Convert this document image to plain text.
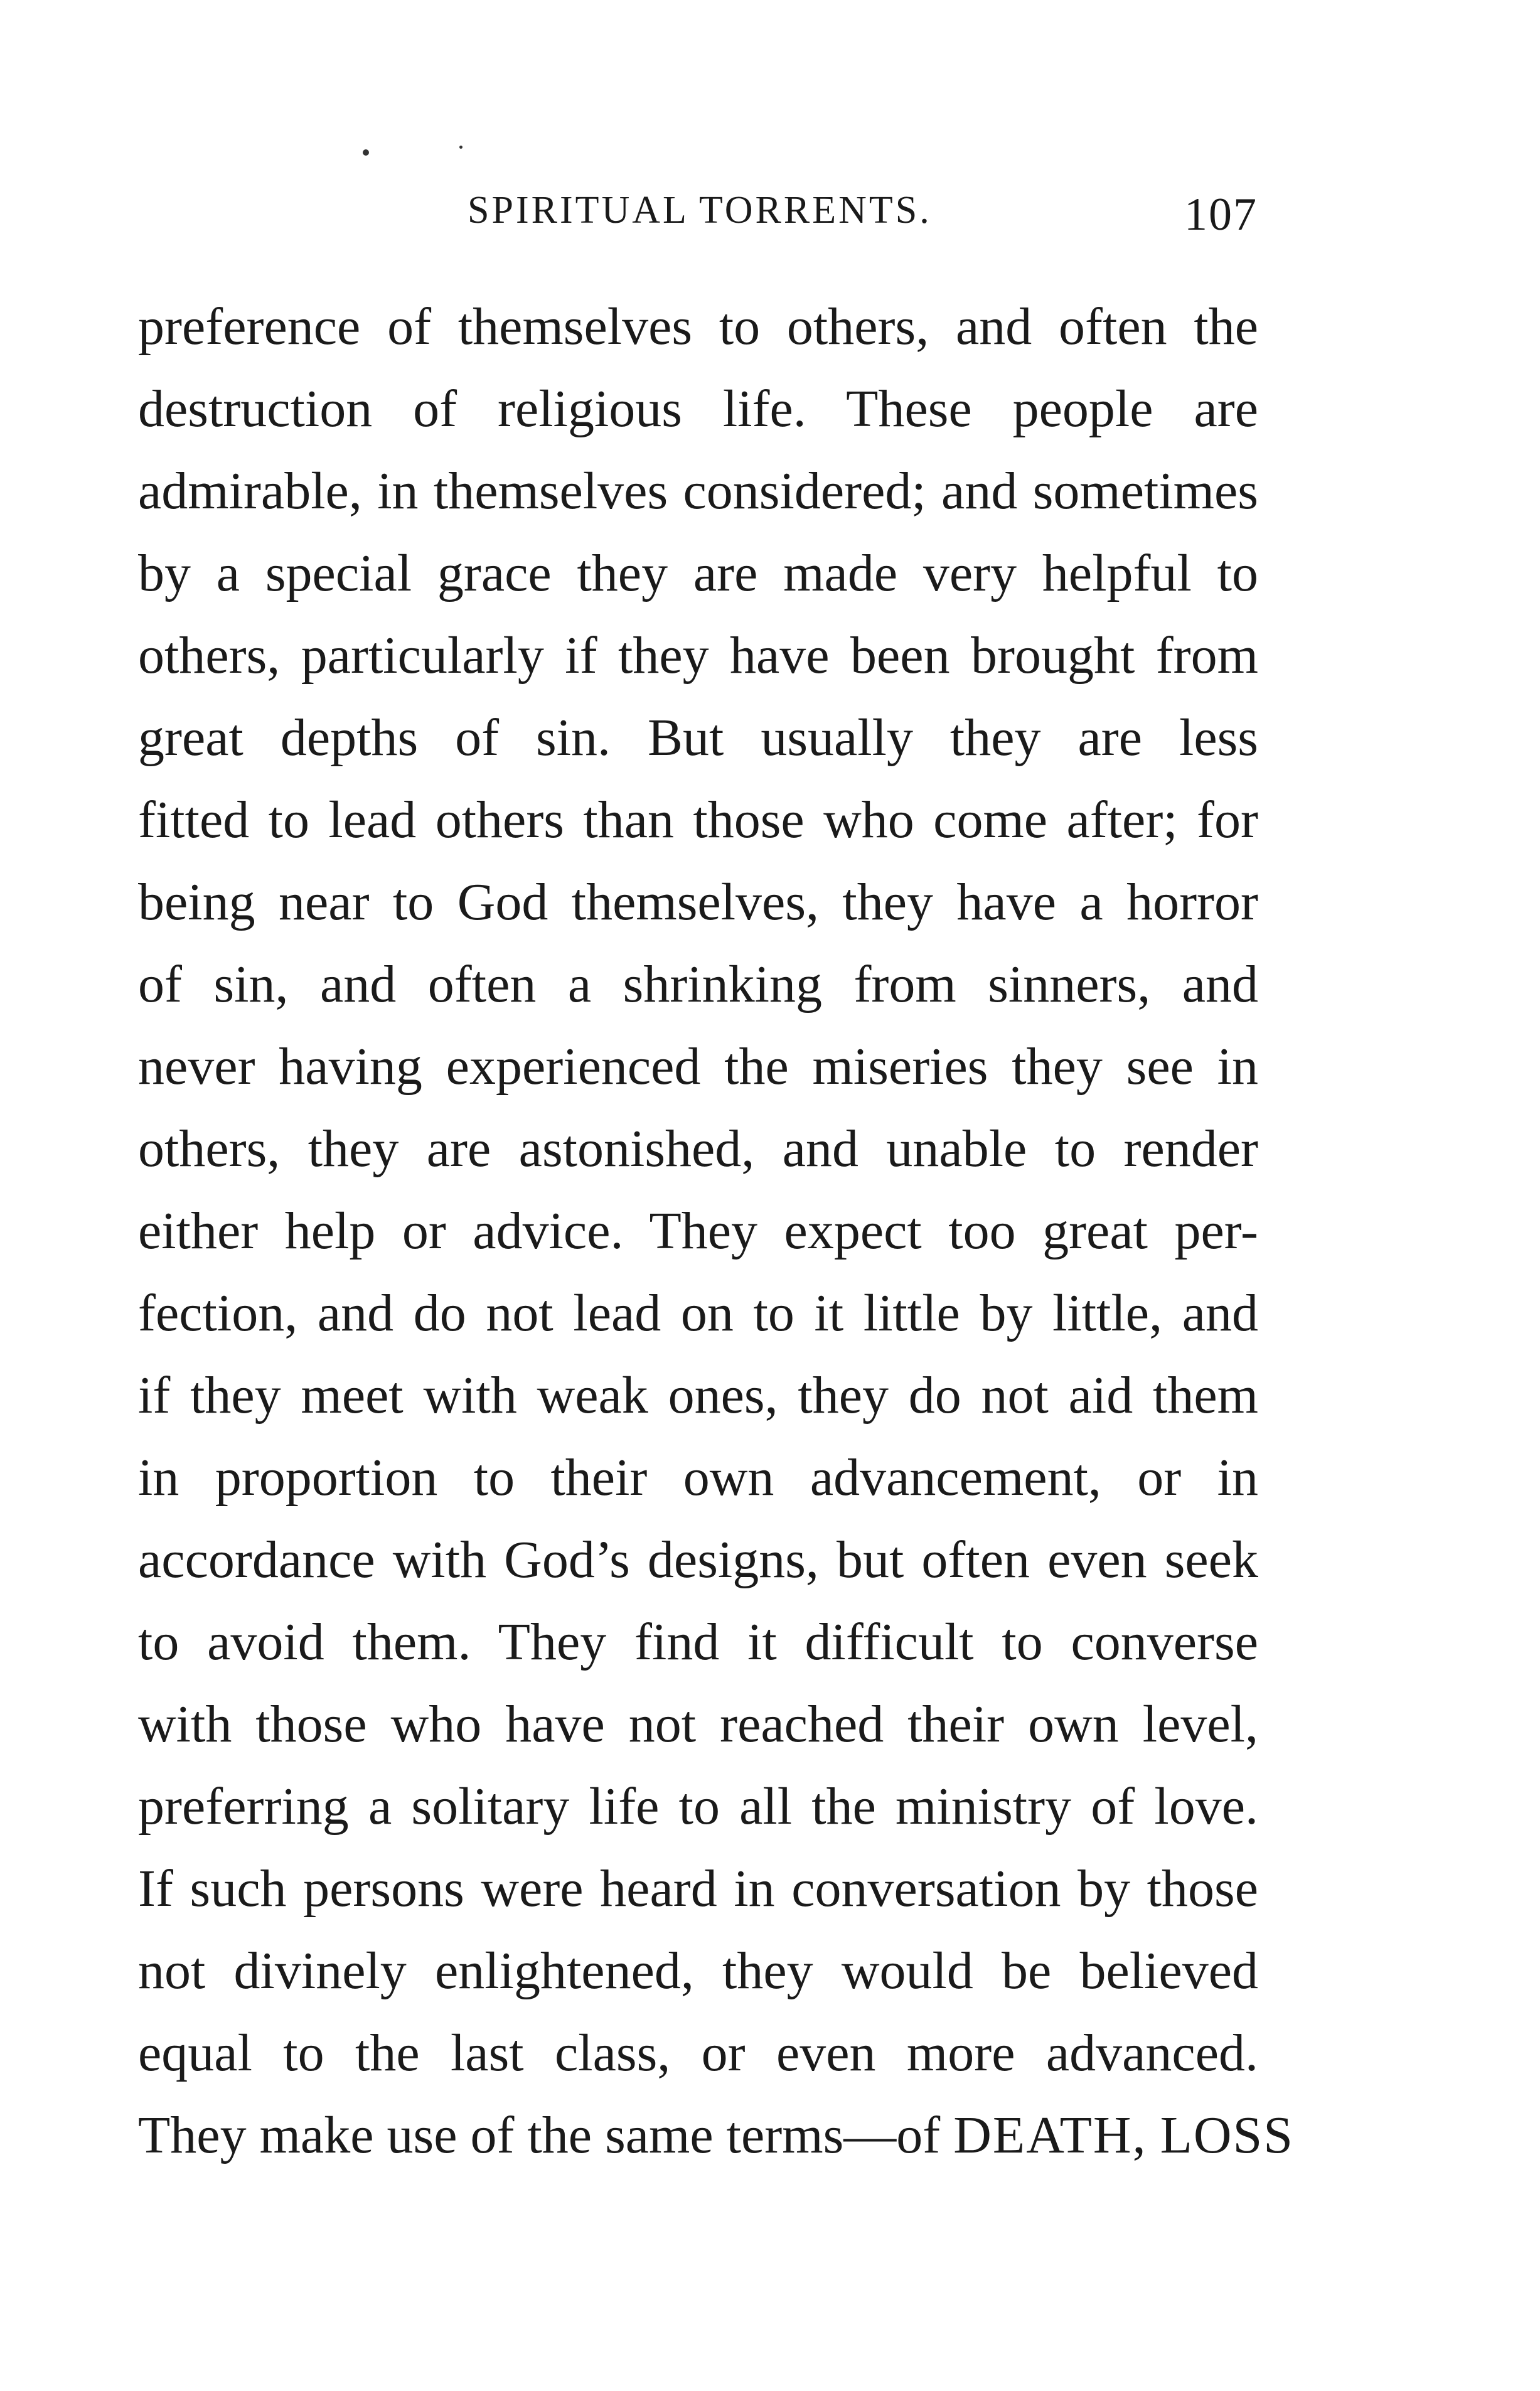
SPIRITUAL TORRENTS.	107
preference of themselves to others, and often the
destruction of religious life. These people are
admirable, in themselves considered; and sometimes
by a special grace they are made very helpful to
others, particularly if they have been brought from
great depths of sin. But usually they are less
fitted to lead others than those who come after; for
being near to God themselves, they have a horror
of sin, and often a shrinking from sinners, and
never having experienced the miseries they see in
others, they are astonished, and unable to render
either help or advice. They expect too great per-
fection, and do not lead on to it little by little, and
if they meet with weak ones, they do not aid them
in proportion to their own advancement, or in
accordance with God’s designs, but often even seek
to avoid them. They find it difficult to converse
with those who have not reached their own level,
preferring a solitary life to all the ministry of love.
If such persons were heard in conversation by those
not divinely enlightened, they would be believed
equal to the last class, or even more advanced.
They make use of the same terms—of DEATH, LOSS
